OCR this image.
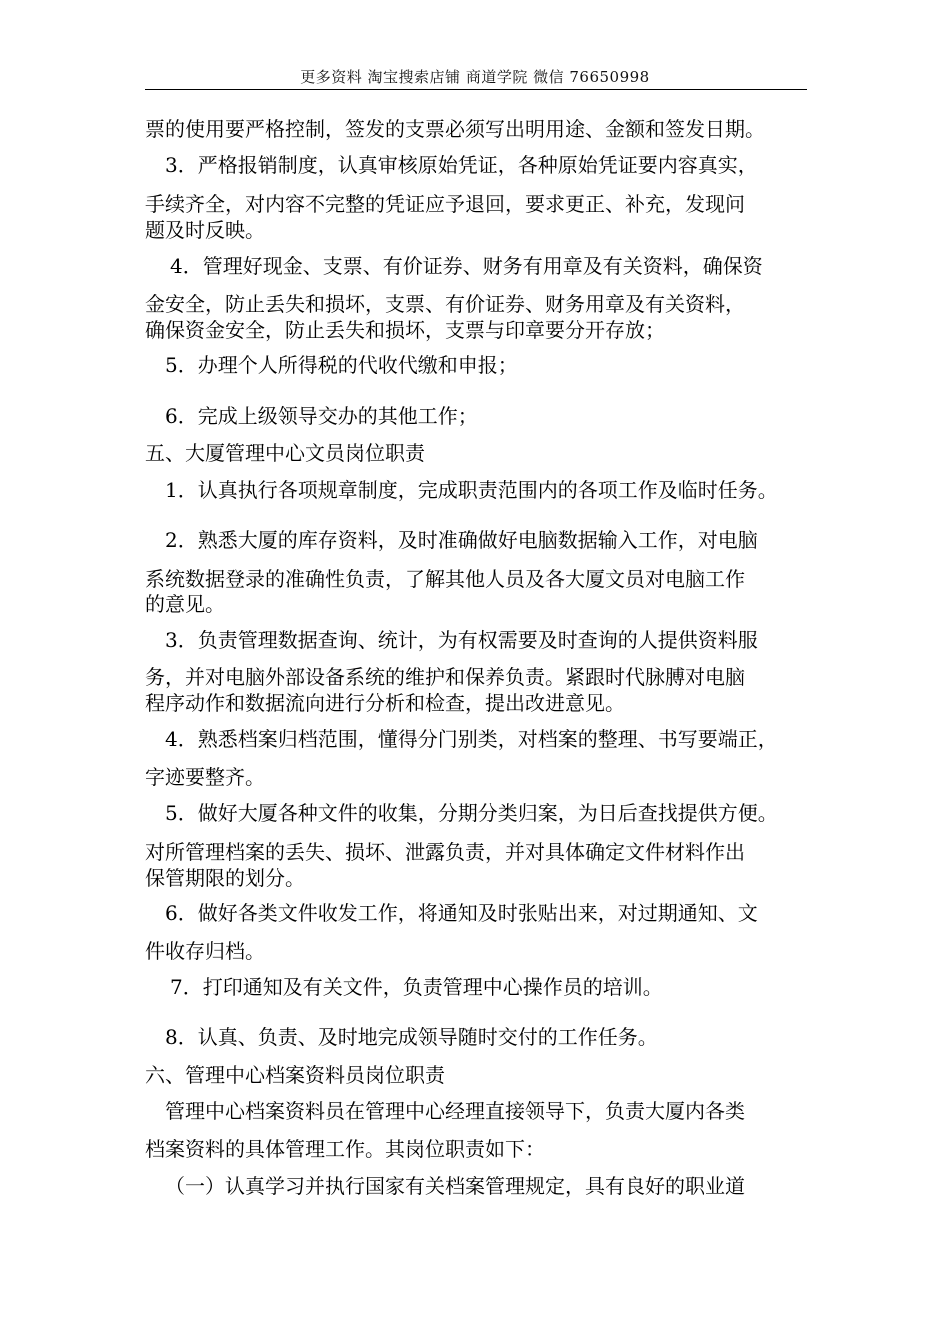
更多资料 淘宝搜索店铺 商道学院 微信 76650998
票的使用要严格控制，签发的支票必须写出明用途、金额和签发日期。
3．严格报销制度，认真审核原始凭证，各种原始凭证要内容真实，
手续齐全，对内容不完整的凭证应予退回，要求更正、补充，发现问
题及时反映。
4．管理好现金、支票、有价证券、财务有用章及有关资料，确保资
金安全，防止丢失和损坏，支票、有价证券、财务用章及有关资料，
确保资金安全，防止丢失和损坏，支票与印章要分开存放；
5．办理个人所得税的代收代缴和申报；
6．完成上级领导交办的其他工作；
五、大厦管理中心文员岗位职责
1．认真执行各项规章制度，完成职责范围内的各项工作及临时任务。
2．熟悉大厦的库存资料，及时准确做好电脑数据输入工作，对电脑
系统数据登录的准确性负责，了解其他人员及各大厦文员对电脑工作
的意见。
3．负责管理数据查询、统计，为有权需要及时查询的人提供资料服
务，并对电脑外部设备系统的维护和保养负责。紧跟时代脉膊对电脑
程序动作和数据流向进行分析和检查，提出改进意见。
4．熟悉档案归档范围，懂得分门别类，对档案的整理、书写要端正，
字迹要整齐。
5．做好大厦各种文件的收集，分期分类归案，为日后查找提供方便。
对所管理档案的丢失、损坏、泄露负责，并对具体确定文件材料作出
保管期限的划分。
6．做好各类文件收发工作，将通知及时张贴出来，对过期通知、文
件收存归档。
7．打印通知及有关文件，负责管理中心操作员的培训。
8．认真、负责、及时地完成领导随时交付的工作任务。
六、管理中心档案资料员岗位职责
管理中心档案资料员在管理中心经理直接领导下，负责大厦内各类
档案资料的具体管理工作。其岗位职责如下：
（一）认真学习并执行国家有关档案管理规定，具有良好的职业道
